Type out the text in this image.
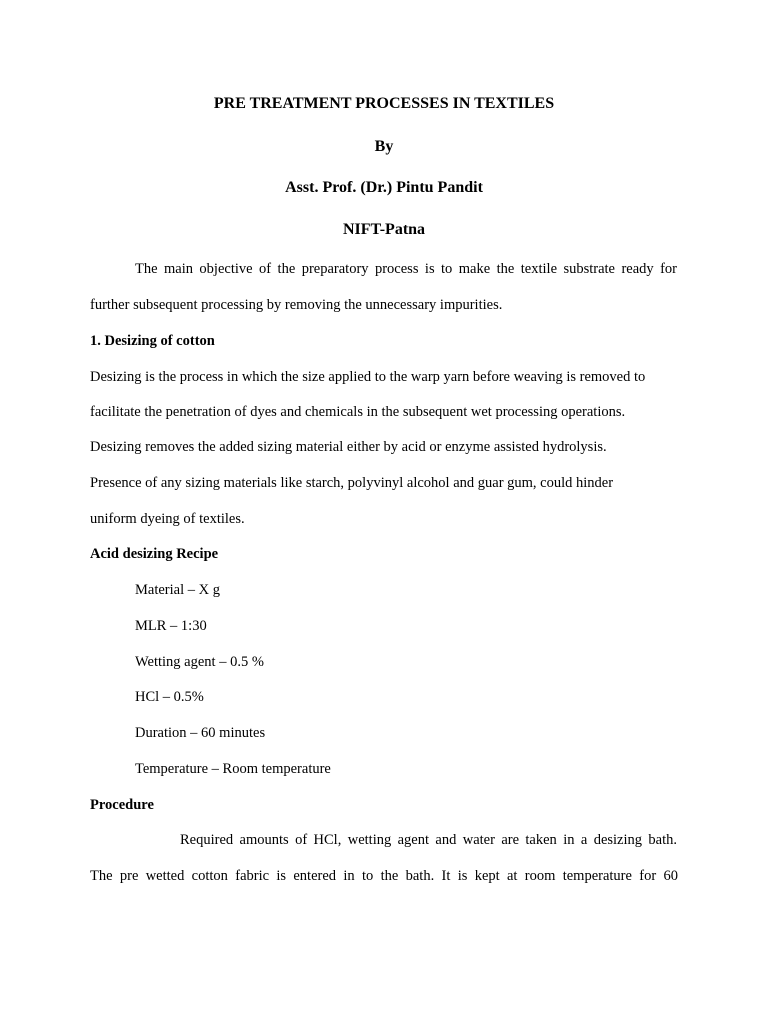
PRE TREATMENT PROCESSES IN TEXTILES
By
Asst. Prof. (Dr.) Pintu Pandit
NIFT-Patna
The main objective of the preparatory process is to make the textile substrate ready for
further subsequent processing by removing the unnecessary impurities.
1. Desizing of cotton
Desizing is the process in which the size applied to the warp yarn before weaving is removed to
facilitate the penetration of dyes and chemicals in the subsequent wet processing operations.
Desizing removes the added sizing material either by acid or enzyme assisted hydrolysis.
Presence of any sizing materials like starch, polyvinyl alcohol and guar gum, could hinder
uniform dyeing of textiles.
Acid desizing Recipe
Material – X g
MLR – 1:30
Wetting agent – 0.5 %
HCl – 0.5%
Duration – 60 minutes
Temperature – Room temperature
Procedure
Required amounts of HCl, wetting agent and water are taken in a desizing bath.
The pre wetted cotton fabric is entered in to the bath. It is kept at room temperature for 60
